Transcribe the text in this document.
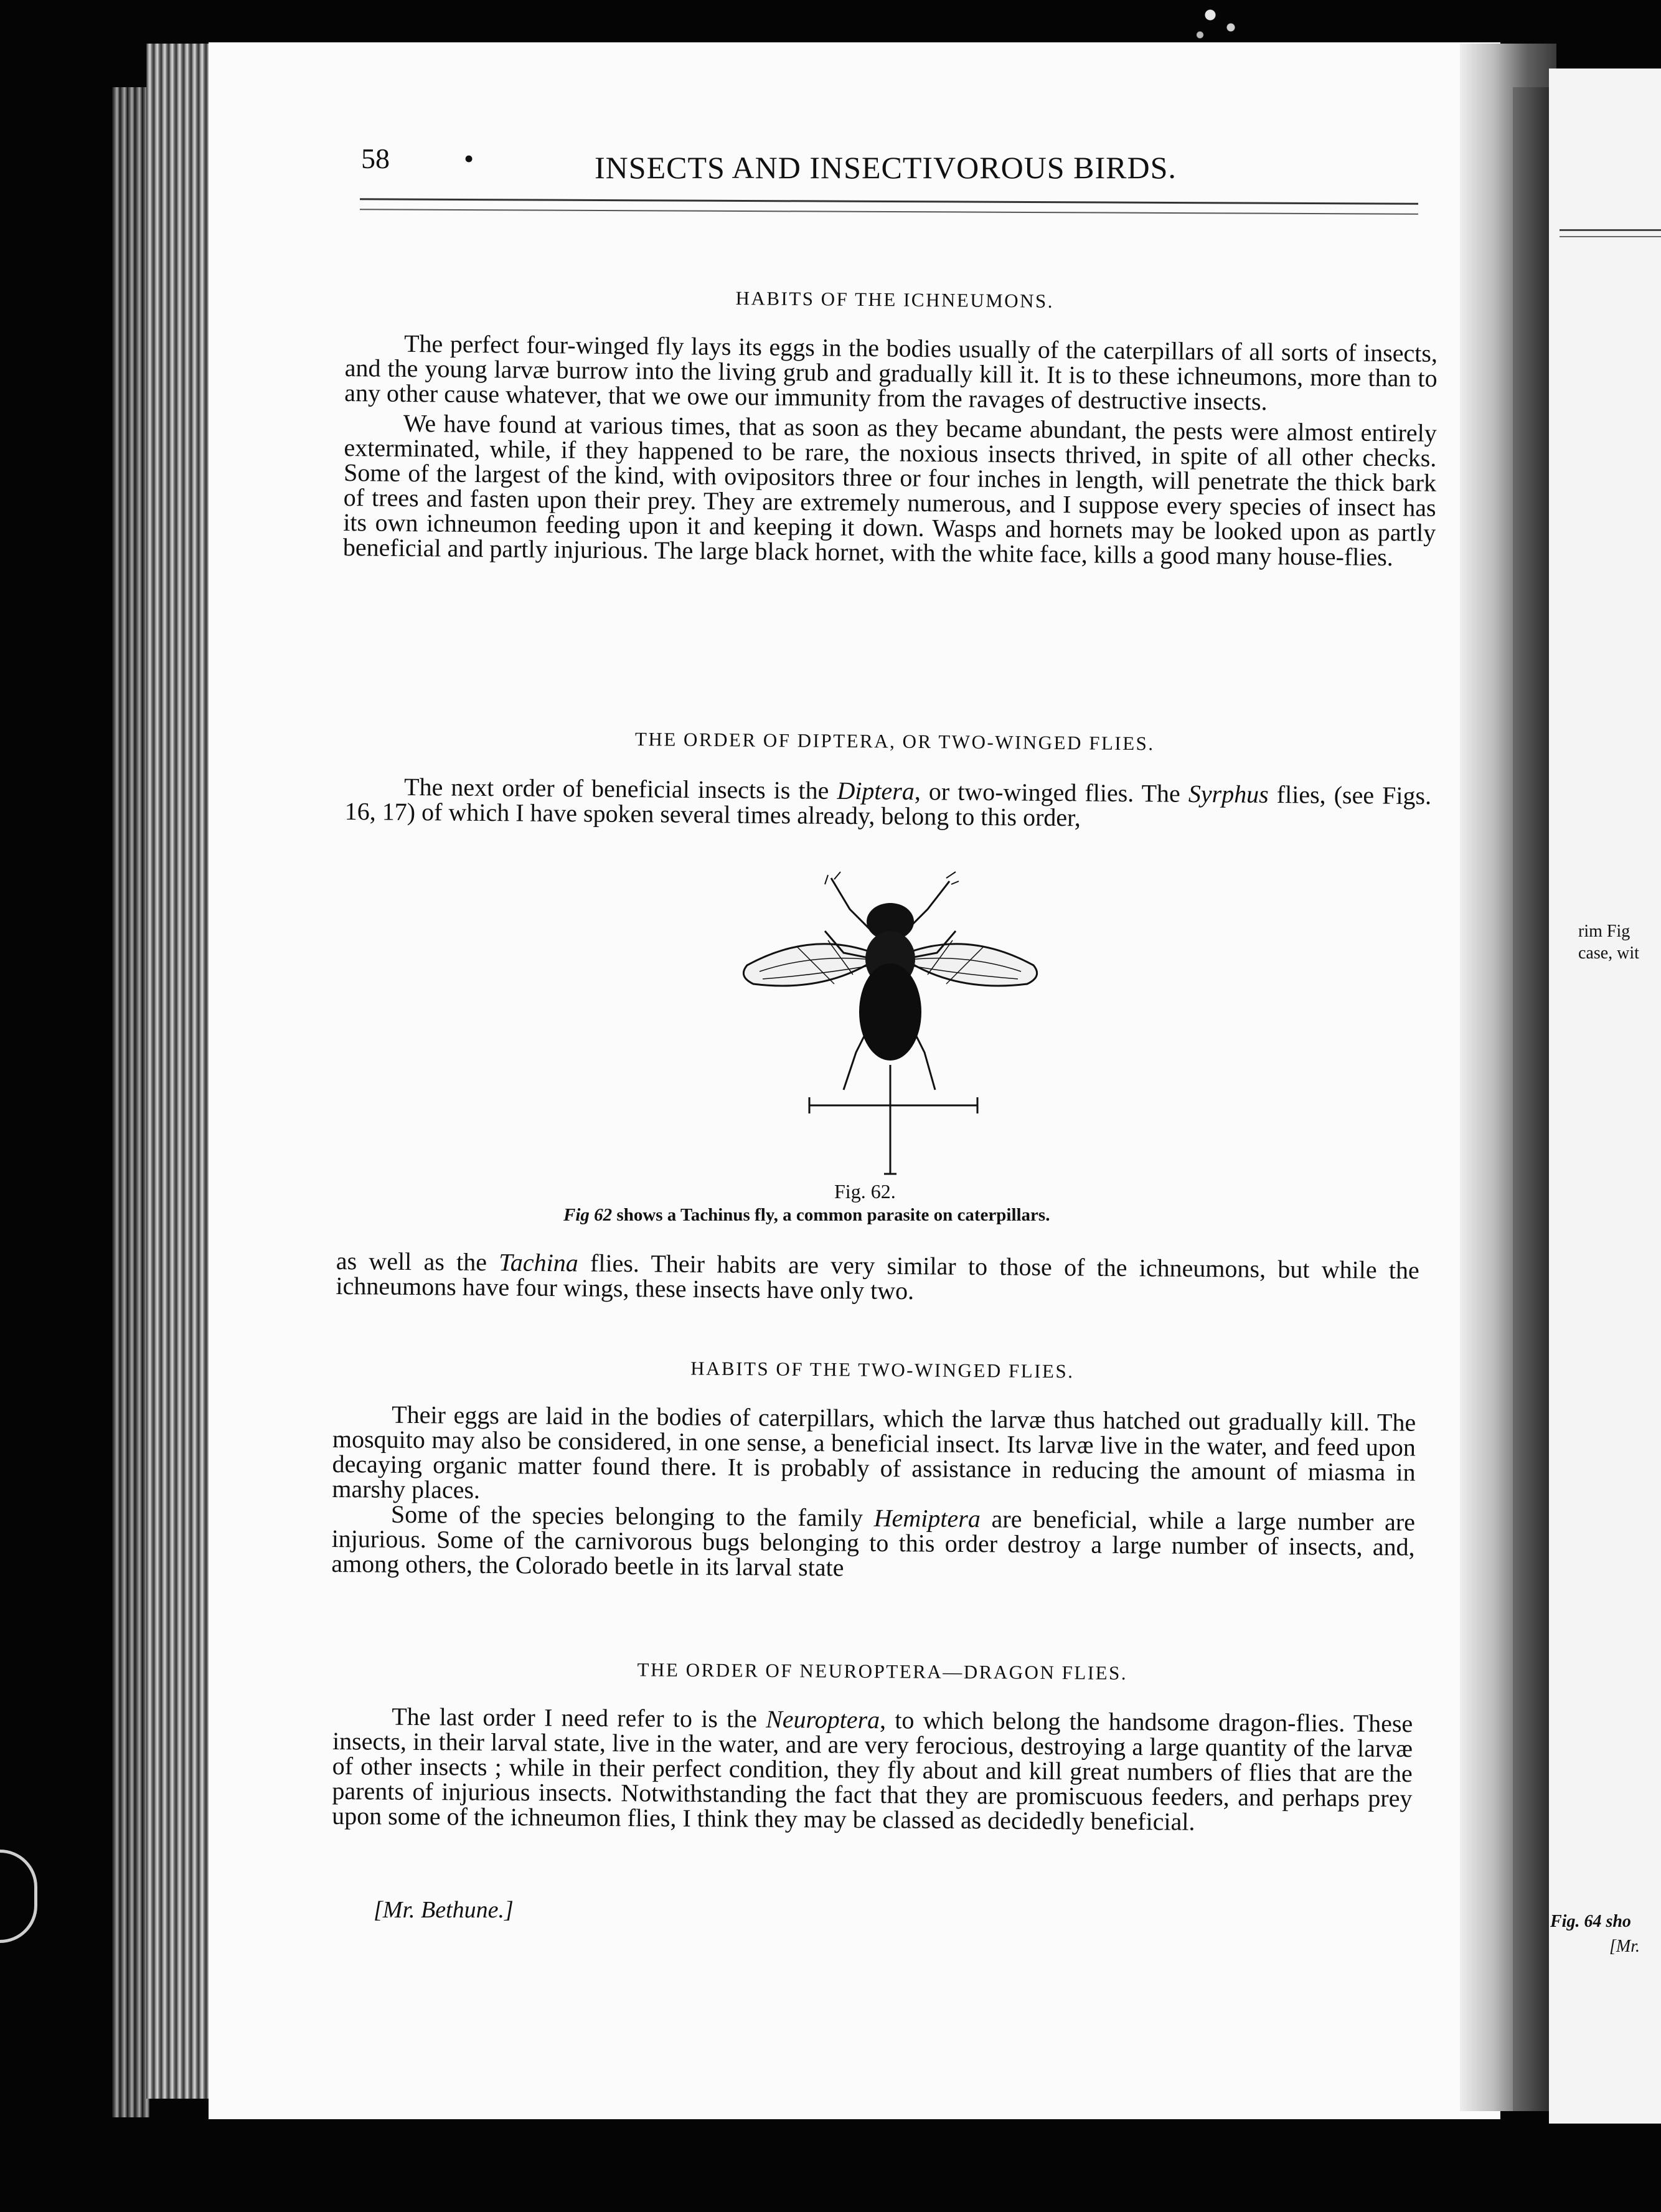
58	•	INSECTS AND INSECTIVOROUS BIRDS.

HABITS OF THE ICHNEUMONS.

The perfect four-winged fly lays its eggs in the bodies usually of the caterpillars of all sorts of insects, and the young larvæ burrow into the living grub and gradually kill it. It is to these ichneumons, more than to any other cause whatever, that we owe our immunity from the ravages of destructive insects.

We have found at various times, that as soon as they became abundant, the pests were almost entirely exterminated, while, if they happened to be rare, the noxious insects thrived, in spite of all other checks. Some of the largest of the kind, with ovipositors three or four inches in length, will penetrate the thick bark of trees and fasten upon their prey. They are extremely numerous, and I suppose every species of insect has its own ichneumon feeding upon it and keeping it down. Wasps and hornets may be looked upon as partly beneficial and partly injurious. The large black hornet, with the white face, kills a good many house-flies.

THE ORDER OF DIPTERA, OR TWO-WINGED FLIES.

The next order of beneficial insects is the Diptera, or two-winged flies. The Syrphus flies, (see Figs. 16, 17) of which I have spoken several times already, belong to this order,

Fig. 62.
Fig 62 shows a Tachinus fly, a common parasite on caterpillars.

as well as the Tachina flies. Their habits are very similar to those of the ichneumons, but while the ichneumons have four wings, these insects have only two.

HABITS OF THE TWO-WINGED FLIES.

Their eggs are laid in the bodies of caterpillars, which the larvæ thus hatched out gradually kill. The mosquito may also be considered, in one sense, a beneficial insect. Its larvæ live in the water, and feed upon decaying organic matter found there. It is probably of assistance in reducing the amount of miasma in marshy places.

Some of the species belonging to the family Hemiptera are beneficial, while a large number are injurious. Some of the carnivorous bugs belonging to this order destroy a large number of insects, and, among others, the Colorado beetle in its larval state

THE ORDER OF NEUROPTERA—DRAGON FLIES.

The last order I need refer to is the Neuroptera, to which belong the handsome dragon-flies. These insects, in their larval state, live in the water, and are very ferocious, destroying a large quantity of the larvæ of other insects ; while in their perfect condition, they fly about and kill great numbers of flies that are the parents of injurious insects. Notwithstanding the fact that they are promiscuous feeders, and perhaps prey upon some of the ichneumon flies, I think they may be classed as decidedly beneficial.

[Mr. Bethune.]
rim Fig
case, wit
Fig. 64 sho
[Mr.
